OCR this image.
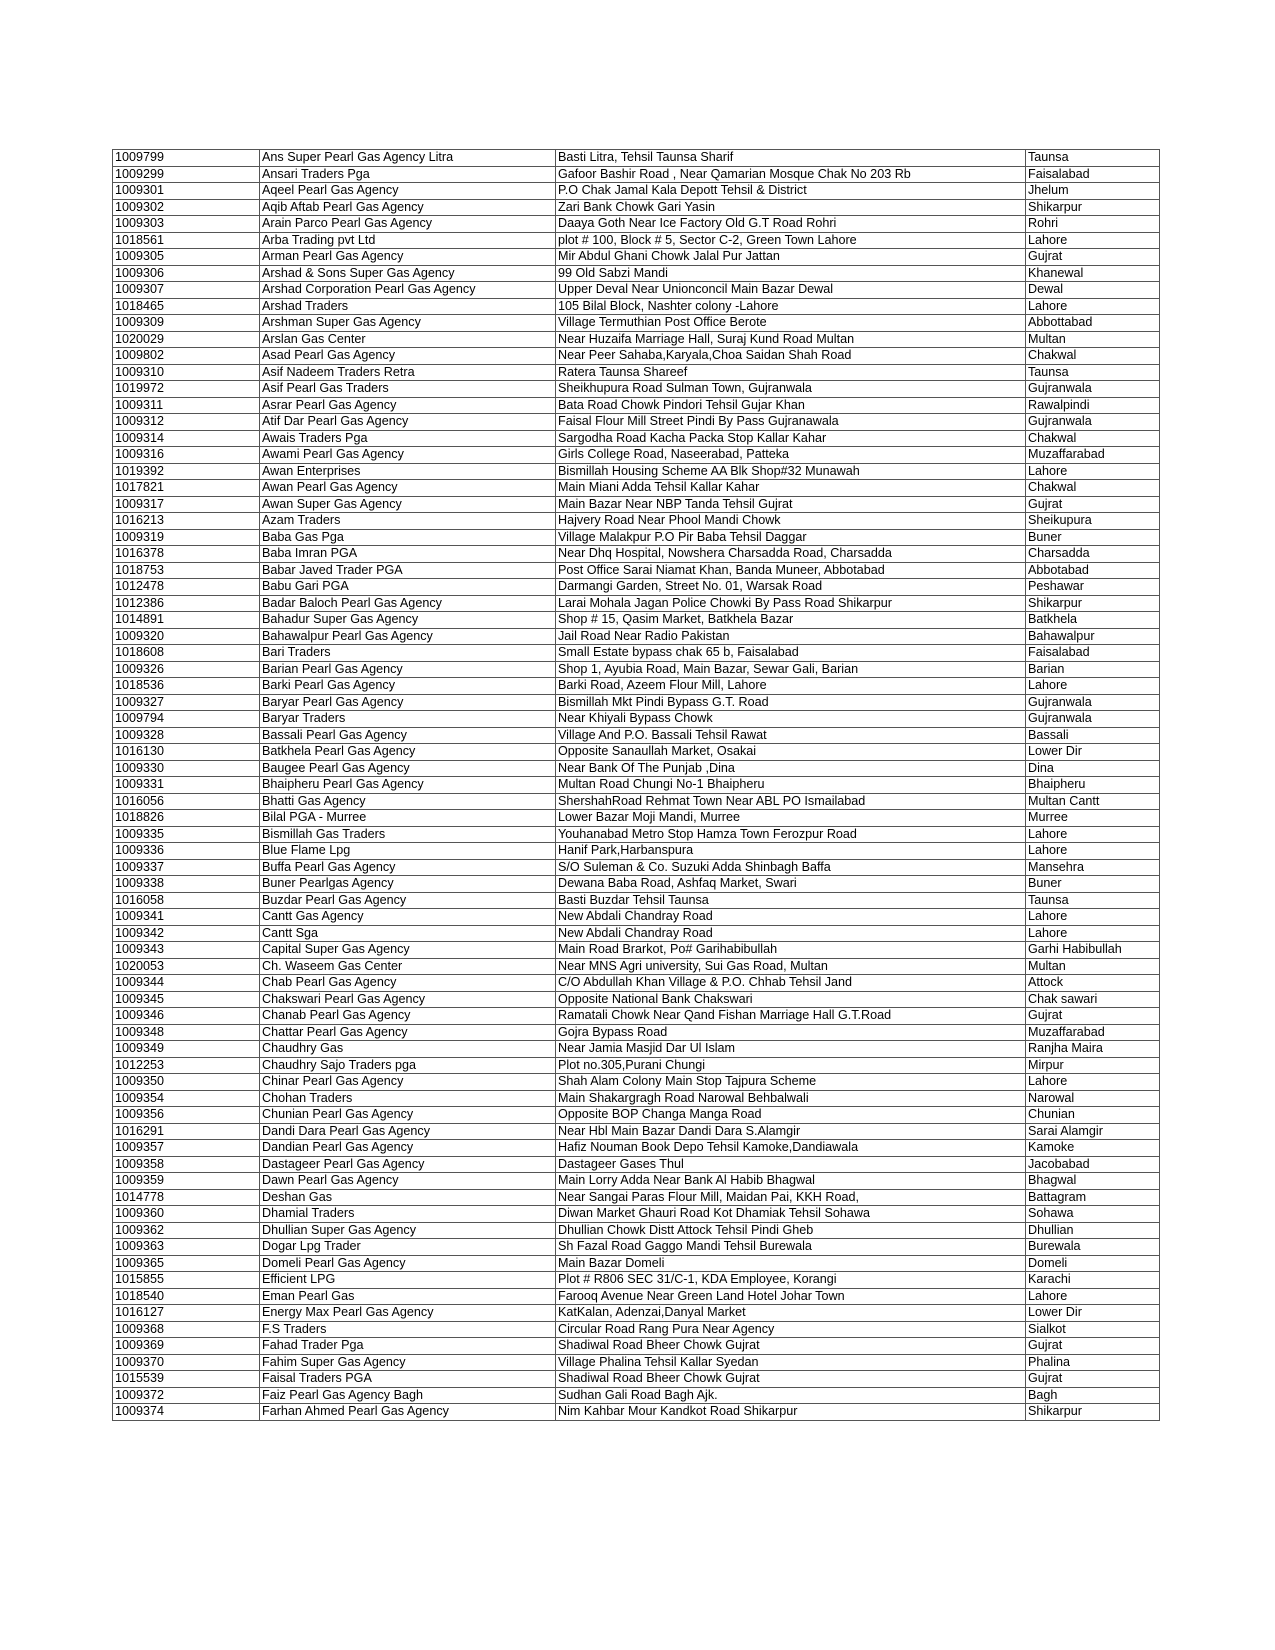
1009799	Ans Super Pearl Gas Agency Litra	Basti Litra, Tehsil Taunsa Sharif	Taunsa
1009299	Ansari Traders Pga	Gafoor Bashir Road , Near Qamarian Mosque Chak No 203 Rb	Faisalabad
1009301	Aqeel Pearl Gas Agency	P.O Chak Jamal Kala Depott Tehsil & District	Jhelum
1009302	Aqib Aftab Pearl Gas Agency	Zari Bank Chowk Gari Yasin	Shikarpur
1009303	Arain Parco Pearl Gas Agency	Daaya Goth Near Ice Factory Old G.T Road Rohri	Rohri
1018561	Arba Trading pvt Ltd	plot # 100, Block # 5, Sector C-2, Green Town Lahore	Lahore
1009305	Arman Pearl Gas Agency	Mir Abdul Ghani Chowk Jalal Pur Jattan	Gujrat
1009306	Arshad & Sons Super Gas Agency	99 Old Sabzi Mandi	Khanewal
1009307	Arshad Corporation Pearl Gas Agency	Upper Deval Near Unionconcil Main Bazar Dewal	Dewal
1018465	Arshad Traders	105 Bilal Block, Nashter colony -Lahore	Lahore
1009309	Arshman Super Gas Agency	Village Termuthian Post Office Berote	Abbottabad
1020029	Arslan Gas Center	Near Huzaifa Marriage Hall, Suraj Kund Road Multan	Multan
1009802	Asad Pearl Gas Agency	Near Peer Sahaba,Karyala,Choa Saidan Shah Road	Chakwal
1009310	Asif Nadeem Traders Retra	Ratera Taunsa Shareef	Taunsa
1019972	Asif Pearl Gas Traders	Sheikhupura Road Sulman Town, Gujranwala	Gujranwala
1009311	Asrar Pearl Gas Agency	Bata Road Chowk Pindori Tehsil Gujar Khan	Rawalpindi
1009312	Atif Dar Pearl Gas Agency	Faisal Flour Mill Street Pindi By Pass Gujranawala	Gujranwala
1009314	Awais Traders Pga	Sargodha Road Kacha Packa Stop Kallar Kahar	Chakwal
1009316	Awami Pearl Gas Agency	Girls College Road, Naseerabad, Patteka	Muzaffarabad
1019392	Awan Enterprises	Bismillah Housing Scheme AA Blk Shop#32 Munawah	Lahore
1017821	Awan Pearl Gas Agency	Main Miani Adda Tehsil Kallar Kahar	Chakwal
1009317	Awan Super Gas Agency	Main Bazar Near NBP Tanda Tehsil Gujrat	Gujrat
1016213	Azam Traders	Hajvery Road Near Phool Mandi Chowk	Sheikupura
1009319	Baba Gas Pga	Village Malakpur P.O Pir Baba Tehsil Daggar	Buner
1016378	Baba Imran PGA	Near Dhq Hospital, Nowshera Charsadda Road, Charsadda	Charsadda
1018753	Babar Javed Trader PGA	Post Office Sarai Niamat Khan, Banda Muneer, Abbotabad	Abbotabad
1012478	Babu Gari PGA	Darmangi Garden, Street No. 01, Warsak Road	Peshawar
1012386	Badar Baloch Pearl Gas Agency	Larai Mohala Jagan Police Chowki By Pass Road Shikarpur	Shikarpur
1014891	Bahadur Super Gas Agency	Shop # 15, Qasim Market, Batkhela Bazar	Batkhela
1009320	Bahawalpur Pearl Gas Agency	Jail Road Near Radio Pakistan	Bahawalpur
1018608	Bari Traders	Small Estate bypass chak 65 b, Faisalabad	Faisalabad
1009326	Barian Pearl Gas Agency	Shop 1, Ayubia Road, Main Bazar, Sewar Gali, Barian	Barian
1018536	Barki Pearl Gas Agency	Barki Road, Azeem Flour Mill, Lahore	Lahore
1009327	Baryar Pearl Gas Agency	Bismillah Mkt Pindi Bypass G.T. Road	Gujranwala
1009794	Baryar Traders	Near Khiyali Bypass Chowk	Gujranwala
1009328	Bassali Pearl Gas Agency	Village And P.O. Bassali Tehsil Rawat	Bassali
1016130	Batkhela Pearl Gas Agency	Opposite Sanaullah Market, Osakai	Lower Dir
1009330	Baugee Pearl Gas Agency	Near Bank Of The Punjab ,Dina	Dina
1009331	Bhaipheru Pearl Gas Agency	Multan Road Chungi No-1 Bhaipheru	Bhaipheru
1016056	Bhatti Gas Agency	ShershahRoad Rehmat Town Near ABL PO Ismailabad	Multan Cantt
1018826	Bilal PGA - Murree	Lower Bazar Moji Mandi, Murree	Murree
1009335	Bismillah Gas Traders	Youhanabad Metro Stop Hamza Town Ferozpur Road	Lahore
1009336	Blue Flame Lpg	Hanif Park,Harbanspura	Lahore
1009337	Buffa Pearl Gas Agency	S/O Suleman & Co. Suzuki Adda Shinbagh Baffa	Mansehra
1009338	Buner Pearlgas Agency	Dewana Baba Road, Ashfaq Market, Swari	Buner
1016058	Buzdar Pearl Gas Agency	Basti Buzdar Tehsil Taunsa	Taunsa
1009341	Cantt Gas Agency	New Abdali Chandray Road	Lahore
1009342	Cantt Sga	New Abdali Chandray Road	Lahore
1009343	Capital Super Gas Agency	Main Road Brarkot, Po# Garihabibullah	Garhi Habibullah
1020053	Ch. Waseem Gas Center	Near MNS Agri university, Sui Gas Road, Multan	Multan
1009344	Chab Pearl Gas Agency	C/O Abdullah Khan Village & P.O. Chhab Tehsil Jand	Attock
1009345	Chakswari Pearl Gas Agency	Opposite National Bank Chakswari	Chak sawari
1009346	Chanab Pearl Gas Agency	Ramatali Chowk Near Qand Fishan Marriage Hall G.T.Road	Gujrat
1009348	Chattar Pearl Gas Agency	Gojra Bypass Road	Muzaffarabad
1009349	Chaudhry Gas	Near Jamia Masjid Dar Ul Islam	Ranjha Maira
1012253	Chaudhry Sajo Traders pga	Plot no.305,Purani Chungi	Mirpur
1009350	Chinar Pearl Gas Agency	Shah Alam Colony Main Stop Tajpura Scheme	Lahore
1009354	Chohan Traders	Main Shakargragh Road Narowal Behbalwali	Narowal
1009356	Chunian Pearl Gas Agency	Opposite BOP Changa Manga Road	Chunian
1016291	Dandi Dara Pearl Gas Agency	Near Hbl Main Bazar Dandi Dara S.Alamgir	Sarai Alamgir
1009357	Dandian Pearl Gas Agency	Hafiz Nouman Book Depo Tehsil Kamoke,Dandiawala	Kamoke
1009358	Dastageer Pearl Gas Agency	Dastageer Gases Thul	Jacobabad
1009359	Dawn Pearl Gas Agency	Main Lorry Adda Near Bank Al Habib Bhagwal	Bhagwal
1014778	Deshan Gas	Near Sangai Paras Flour Mill, Maidan Pai, KKH Road,	Battagram
1009360	Dhamial Traders	Diwan Market Ghauri Road Kot Dhamiak Tehsil Sohawa	Sohawa
1009362	Dhullian Super Gas Agency	Dhullian Chowk Distt Attock Tehsil Pindi Gheb	Dhullian
1009363	Dogar Lpg Trader	Sh Fazal Road Gaggo Mandi Tehsil Burewala	Burewala
1009365	Domeli Pearl Gas Agency	Main Bazar Domeli	Domeli
1015855	Efficient LPG	Plot # R806 SEC 31/C-1, KDA Employee, Korangi	Karachi
1018540	Eman Pearl Gas	Farooq Avenue Near Green Land Hotel Johar Town	Lahore
1016127	Energy Max Pearl Gas Agency	KatKalan, Adenzai,Danyal Market	Lower Dir
1009368	F.S Traders	Circular Road Rang Pura Near Agency	Sialkot
1009369	Fahad Trader Pga	Shadiwal Road Bheer Chowk Gujrat	Gujrat
1009370	Fahim Super Gas Agency	Village Phalina Tehsil Kallar Syedan	Phalina
1015539	Faisal Traders PGA	Shadiwal Road Bheer Chowk Gujrat	Gujrat
1009372	Faiz Pearl Gas Agency Bagh	Sudhan Gali Road Bagh Ajk.	Bagh
1009374	Farhan Ahmed Pearl Gas Agency	Nim Kahbar Mour Kandkot Road Shikarpur	Shikarpur
